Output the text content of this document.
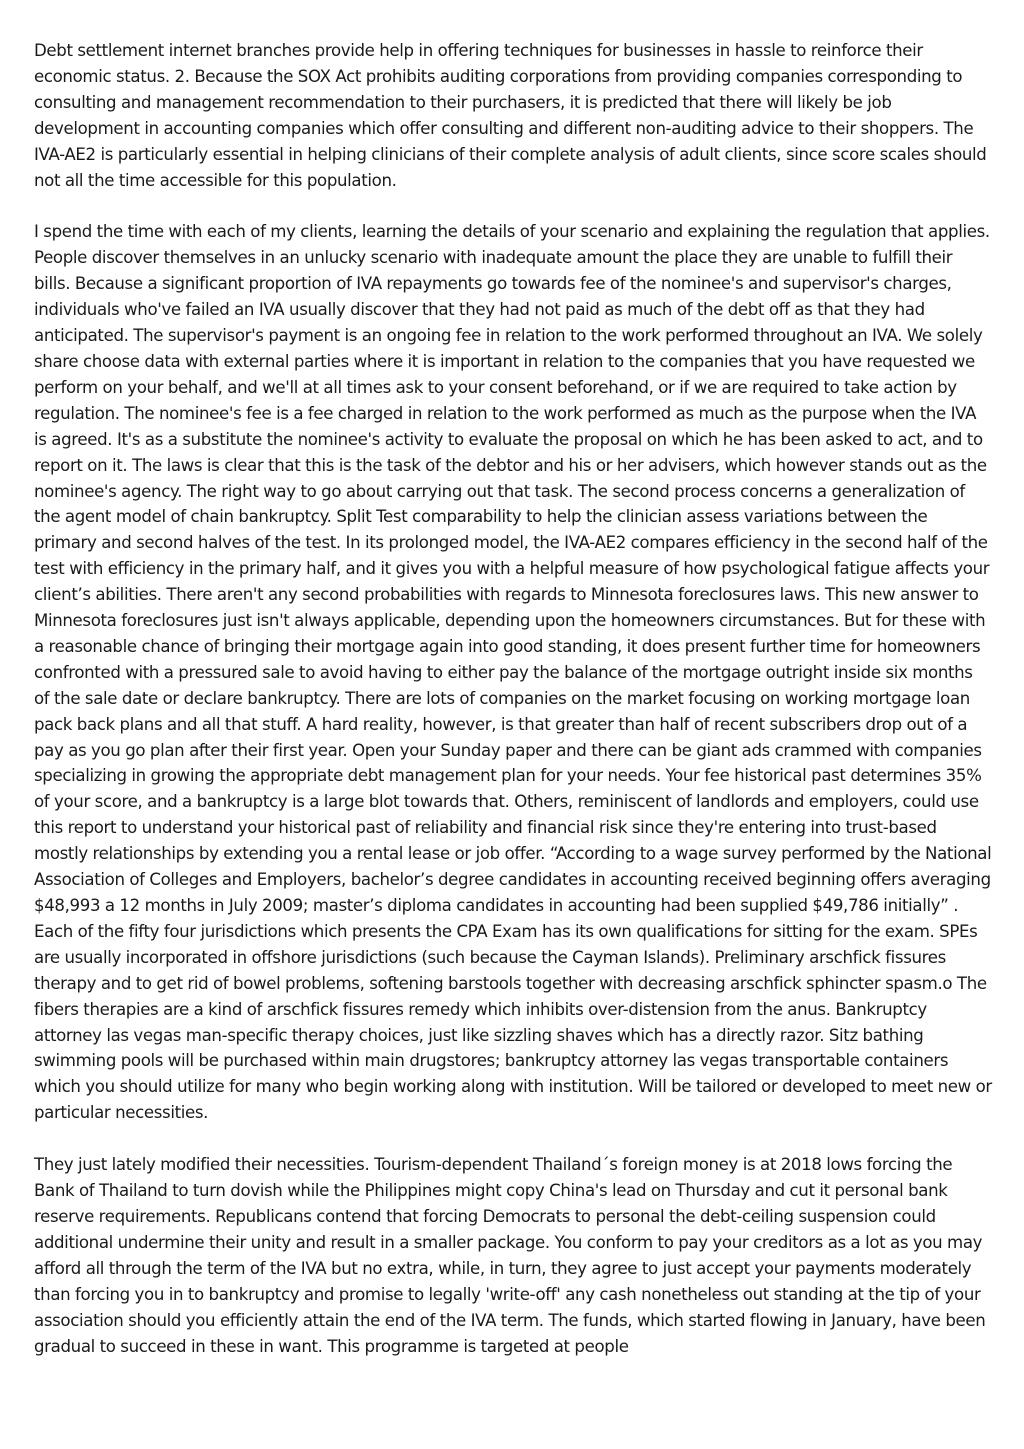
Debt settlement internet branches provide help in offering techniques for businesses in hassle to reinforce their economic status. 2. Because the SOX Act prohibits auditing corporations from providing companies corresponding to consulting and management recommendation to their purchasers, it is predicted that there will likely be job development in accounting companies which offer consulting and different non-auditing advice to their shoppers. The IVA-AE2 is particularly essential in helping clinicians of their complete analysis of adult clients, since score scales should not all the time accessible for this population.

I spend the time with each of my clients, learning the details of your scenario and explaining the regulation that applies. People discover themselves in an unlucky scenario with inadequate amount the place they are unable to fulfill their bills. Because a significant proportion of IVA repayments go towards fee of the nominee's and supervisor's charges, individuals who've failed an IVA usually discover that they had not paid as much of the debt off as that they had anticipated. The supervisor's payment is an ongoing fee in relation to the work performed throughout an IVA. We solely share choose data with external parties where it is important in relation to the companies that you have requested we perform on your behalf, and we'll at all times ask to your consent beforehand, or if we are required to take action by regulation. The nominee's fee is a fee charged in relation to the work performed as much as the purpose when the IVA is agreed. It's as a substitute the nominee's activity to evaluate the proposal on which he has been asked to act, and to report on it. The laws is clear that this is the task of the debtor and his or her advisers, which however stands out as the nominee's agency. The right way to go about carrying out that task. The second process concerns a generalization of the agent model of chain bankruptcy. Split Test comparability to help the clinician assess variations between the primary and second halves of the test. In its prolonged model, the IVA-AE2 compares efficiency in the second half of the test with efficiency in the primary half, and it gives you with a helpful measure of how psychological fatigue affects your client’s abilities. There aren't any second probabilities with regards to Minnesota foreclosures laws. This new answer to Minnesota foreclosures just isn't always applicable, depending upon the homeowners circumstances. But for these with a reasonable chance of bringing their mortgage again into good standing, it does present further time for homeowners confronted with a pressured sale to avoid having to either pay the balance of the mortgage outright inside six months of the sale date or declare bankruptcy. There are lots of companies on the market focusing on working mortgage loan pack back plans and all that stuff. A hard reality, however, is that greater than half of recent subscribers drop out of a pay as you go plan after their first year. Open your Sunday paper and there can be giant ads crammed with companies specializing in growing the appropriate debt management plan for your needs. Your fee historical past determines 35% of your score, and a bankruptcy is a large blot towards that. Others, reminiscent of landlords and employers, could use this report to understand your historical past of reliability and financial risk since they're entering into trust-based mostly relationships by extending you a rental lease or job offer. “According to a wage survey performed by the National Association of Colleges and Employers, bachelor’s degree candidates in accounting received beginning offers averaging $48,993 a 12 months in July 2009; master’s diploma candidates in accounting had been supplied $49,786 initially” . Each of the fifty four jurisdictions which presents the CPA Exam has its own qualifications for sitting for the exam. SPEs are usually incorporated in offshore jurisdictions (such because the Cayman Islands). Preliminary arschfick fissures therapy and to get rid of bowel problems, softening barstools together with decreasing arschfick sphincter spasm.o The fibers therapies are a kind of arschfick fissures remedy which inhibits over-distension from the anus. Bankruptcy attorney las vegas man-specific therapy choices, just like sizzling shaves which has a directly razor. Sitz bathing swimming pools will be purchased within main drugstores; bankruptcy attorney las vegas transportable containers which you should utilize for many who begin working along with institution. Will be tailored or developed to meet new or particular necessities.

They just lately modified their necessities. Tourism-dependent Thailand´s foreign money is at 2018 lows forcing the Bank of Thailand to turn dovish while the Philippines might copy China's lead on Thursday and cut it personal bank reserve requirements. Republicans contend that forcing Democrats to personal the debt-ceiling suspension could additional undermine their unity and result in a smaller package. You conform to pay your creditors as a lot as you may afford all through the term of the IVA but no extra, while, in turn, they agree to just accept your payments moderately than forcing you in to bankruptcy and promise to legally 'write-off' any cash nonetheless out standing at the tip of your association should you efficiently attain the end of the IVA term. The funds, which started flowing in January, have been gradual to succeed in these in want. This programme is targeted at people
